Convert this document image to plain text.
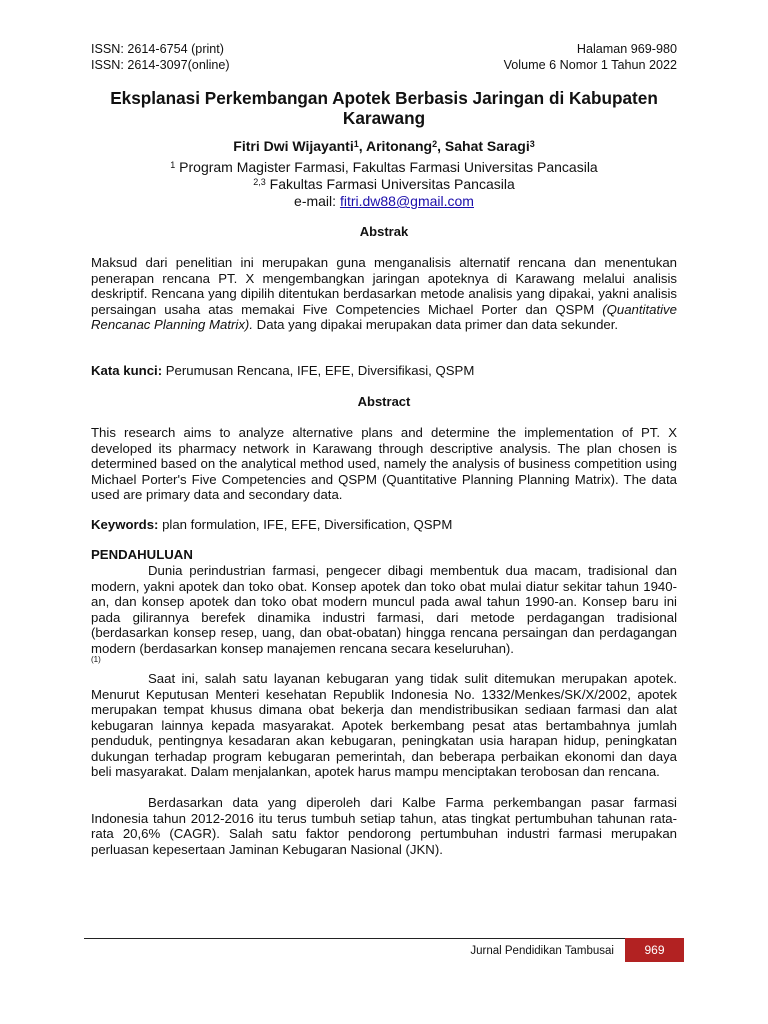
ISSN: 2614-6754 (print)	Halaman 969-980
ISSN: 2614-3097(online)	Volume 6 Nomor 1 Tahun 2022
Eksplanasi Perkembangan Apotek Berbasis Jaringan di Kabupaten
Karawang
Fitri Dwi Wijayanti$^1$, Aritonang$^2$, Sahat Saragi$^3$
$^1$ Program Magister Farmasi, Fakultas Farmasi Universitas Pancasila
$^{2,3}$ Fakultas Farmasi Universitas Pancasila
e-mail: fitri.dw88@gmail.com
Abstrak
Maksud dari penelitian ini merupakan guna menganalisis alternatif rencana dan menentukan penerapan rencana PT. X mengembangkan jaringan apoteknya di Karawang melalui analisis deskriptif. Rencana yang dipilih ditentukan berdasarkan metode analisis yang dipakai, yakni analisis persaingan usaha atas memakai Five Competencies Michael Porter dan QSPM (Quantitative Rencanac Planning Matrix). Data yang dipakai merupakan data primer dan data sekunder.
Kata kunci: Perumusan Rencana, IFE, EFE, Diversifikasi, QSPM
Abstract
This research aims to analyze alternative plans and determine the implementation of PT. X developed its pharmacy network in Karawang through descriptive analysis. The plan chosen is determined based on the analytical method used, namely the analysis of business competition using Michael Porter's Five Competencies and QSPM (Quantitative Planning Planning Matrix). The data used are primary data and secondary data.
Keywords: plan formulation, IFE, EFE, Diversification, QSPM
PENDAHULUAN
Dunia perindustrian farmasi, pengecer dibagi membentuk dua macam, tradisional dan modern, yakni apotek dan toko obat. Konsep apotek dan toko obat mulai diatur sekitar tahun 1940-an, dan konsep apotek dan toko obat modern muncul pada awal tahun 1990-an. Konsep baru ini pada gilirannya berefek dinamika industri farmasi, dari metode perdagangan tradisional (berdasarkan konsep resep, uang, dan obat-obatan) hingga rencana persaingan dan perdagangan modern (berdasarkan konsep manajemen rencana secara keseluruhan).
$^{(1)}$
Saat ini, salah satu layanan kebugaran yang tidak sulit ditemukan merupakan apotek. Menurut Keputusan Menteri kesehatan Republik Indonesia No. 1332/Menkes/SK/X/2002, apotek merupakan tempat khusus dimana obat bekerja dan mendistribusikan sediaan farmasi dan alat kebugaran lainnya kepada masyarakat. Apotek berkembang pesat atas bertambahnya jumlah penduduk, pentingnya kesadaran akan kebugaran, peningkatan usia harapan hidup, peningkatan dukungan terhadap program kebugaran pemerintah, dan beberapa perbaikan ekonomi dan daya beli masyarakat. Dalam menjalankan, apotek harus mampu menciptakan terobosan dan rencana.
Berdasarkan data yang diperoleh dari Kalbe Farma perkembangan pasar farmasi Indonesia tahun 2012-2016 itu terus tumbuh setiap tahun, atas tingkat pertumbuhan tahunan rata-rata 20,6% (CAGR). Salah satu faktor pendorong pertumbuhan industri farmasi merupakan perluasan kepesertaan Jaminan Kebugaran Nasional (JKN).
Jurnal Pendidikan Tambusai	969
